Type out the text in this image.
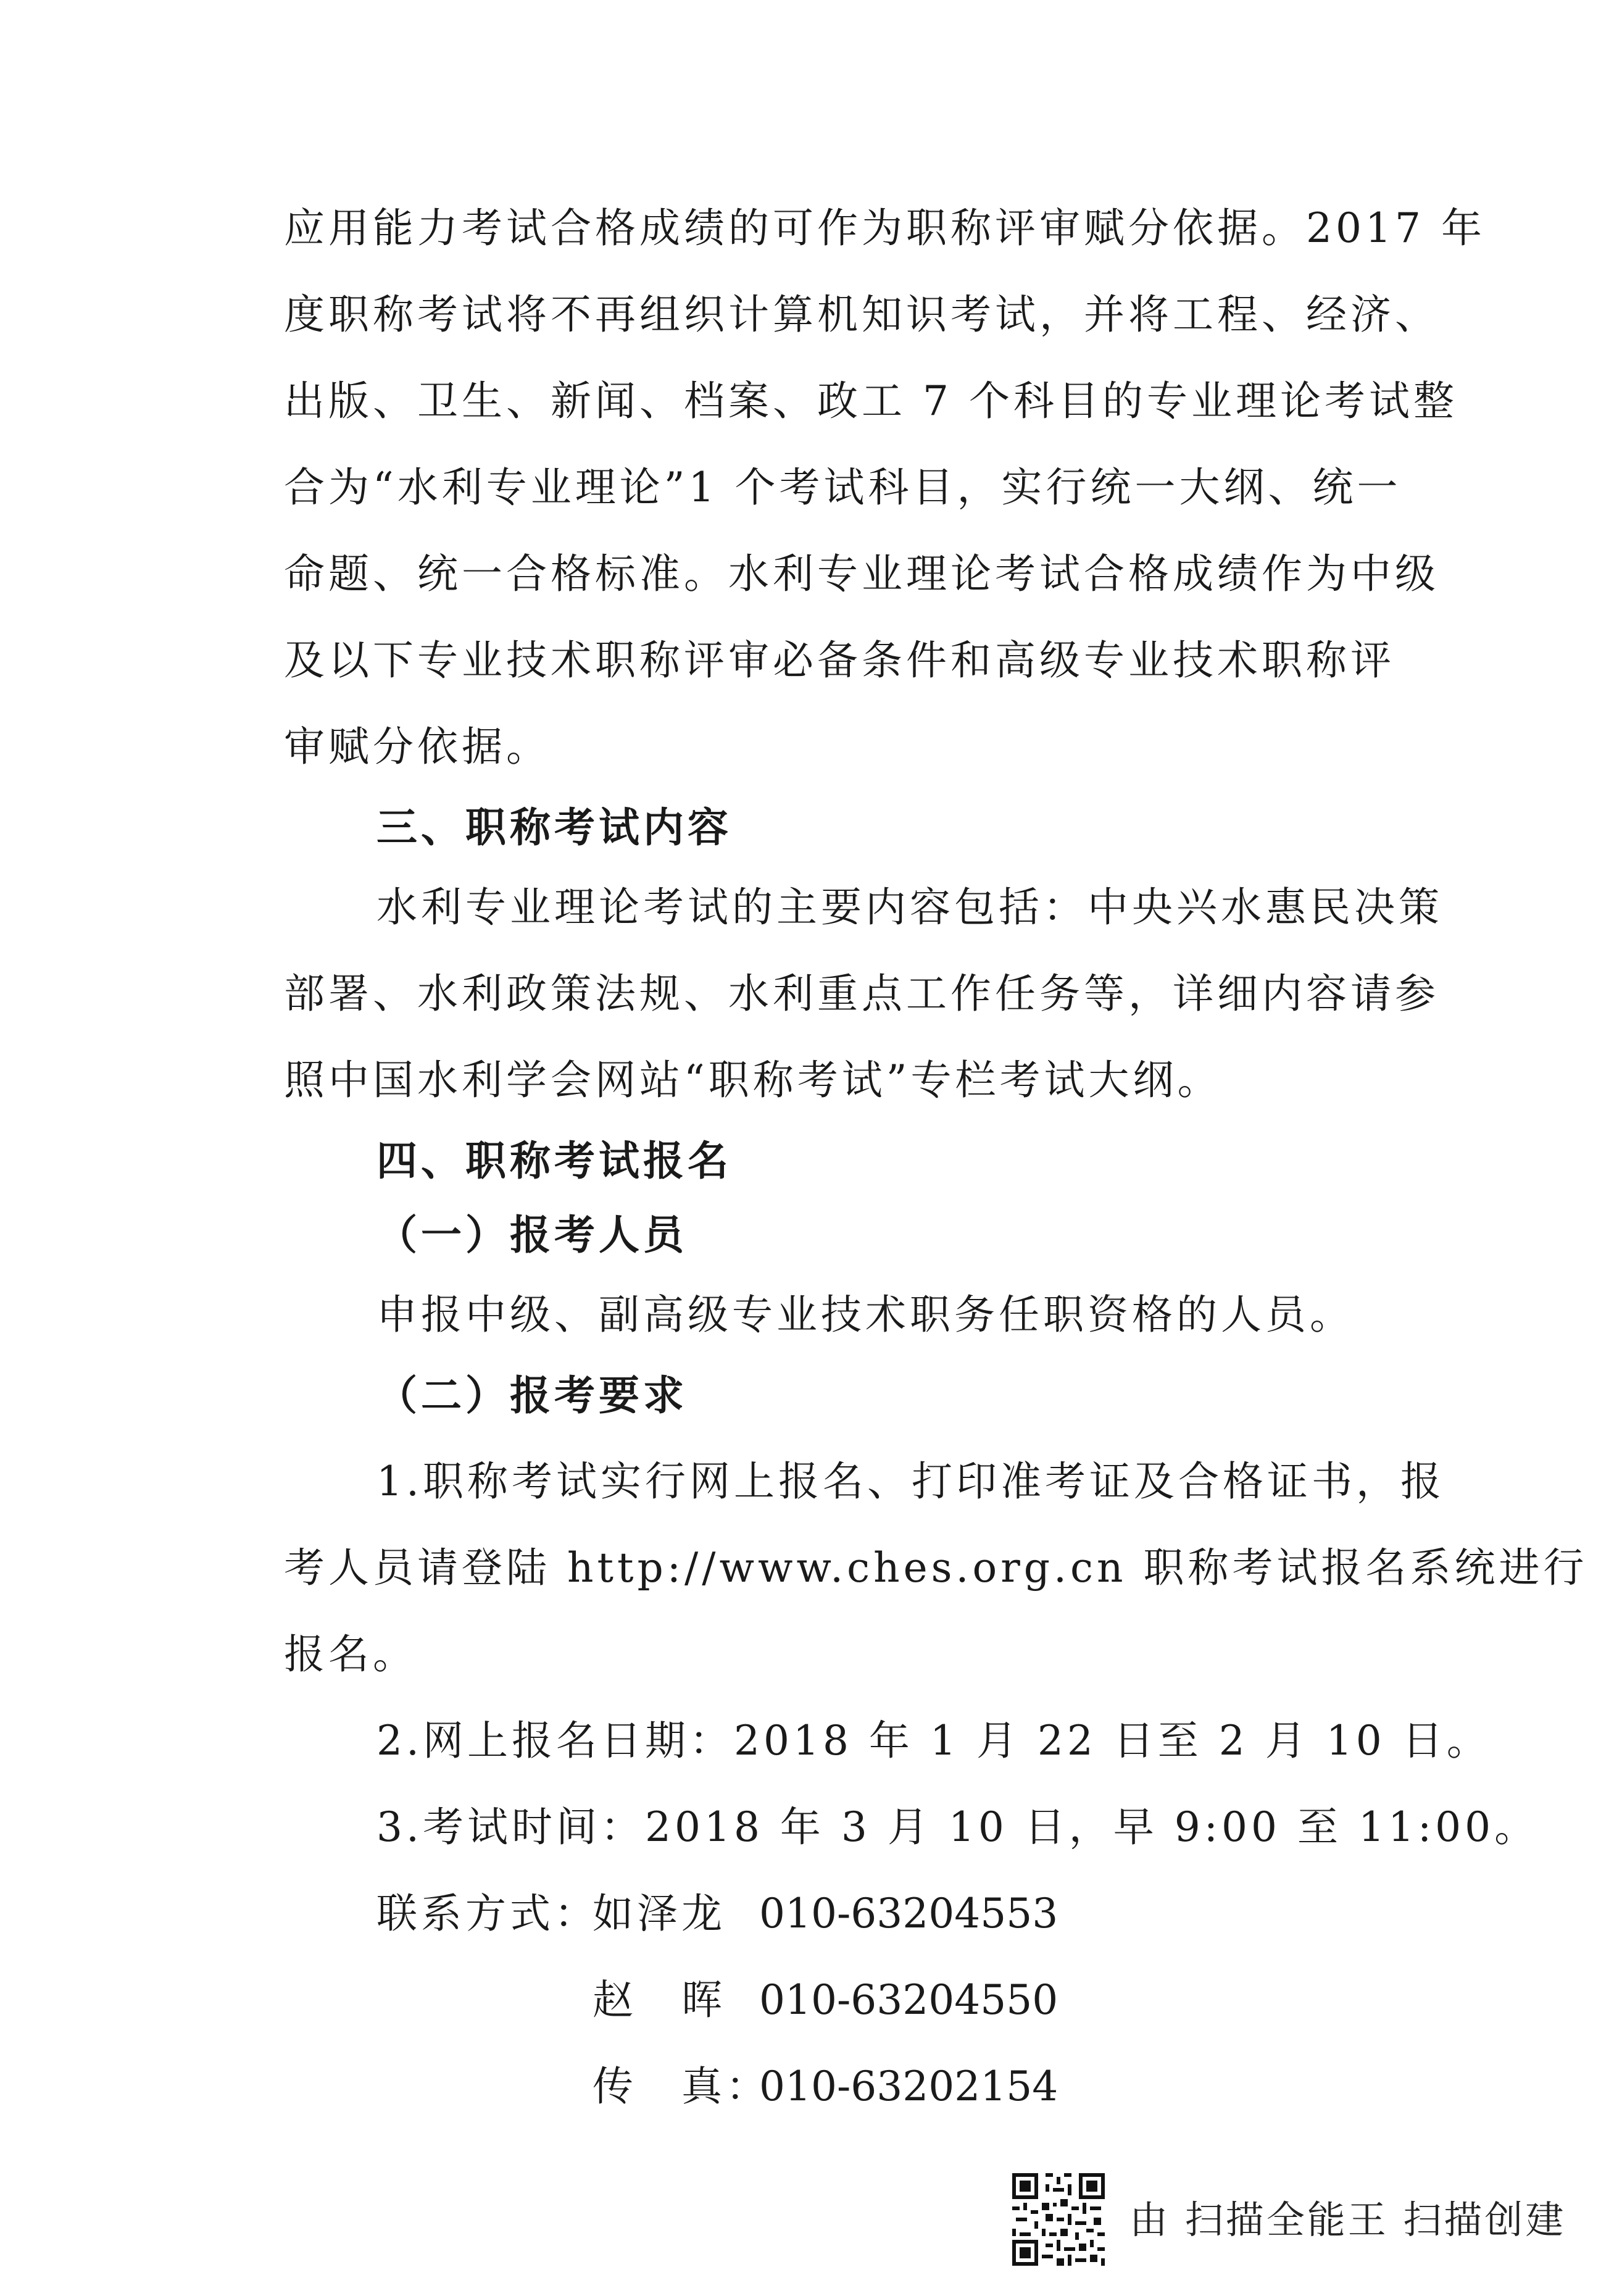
应用能力考试合格成绩的可作为职称评审赋分依据。2017 年
度职称考试将不再组织计算机知识考试，并将工程、经济、
出版、卫生、新闻、档案、政工 7 个科目的专业理论考试整
合为“水利专业理论”1 个考试科目，实行统一大纲、统一
命题、统一合格标准。水利专业理论考试合格成绩作为中级
及以下专业技术职称评审必备条件和高级专业技术职称评
审赋分依据。
三、职称考试内容
水利专业理论考试的主要内容包括：中央兴水惠民决策
部署、水利政策法规、水利重点工作任务等，详细内容请参
照中国水利学会网站“职称考试”专栏考试大纲。
四、职称考试报名
（一）报考人员
申报中级、副高级专业技术职务任职资格的人员。
（二）报考要求
1.职称考试实行网上报名、打印准考证及合格证书，报
考人员请登陆 http://www.ches.org.cn 职称考试报名系统进行
报名。
2.网上报名日期：2018 年 1 月 22 日至 2 月 10 日。
3.考试时间：2018 年 3 月 10 日，早 9:00 至 11:00。
联系方式：
如泽龙 010-63204553
赵　晖 010-63204550
传　真：
010-63202154
由 扫描全能王 扫描创建
